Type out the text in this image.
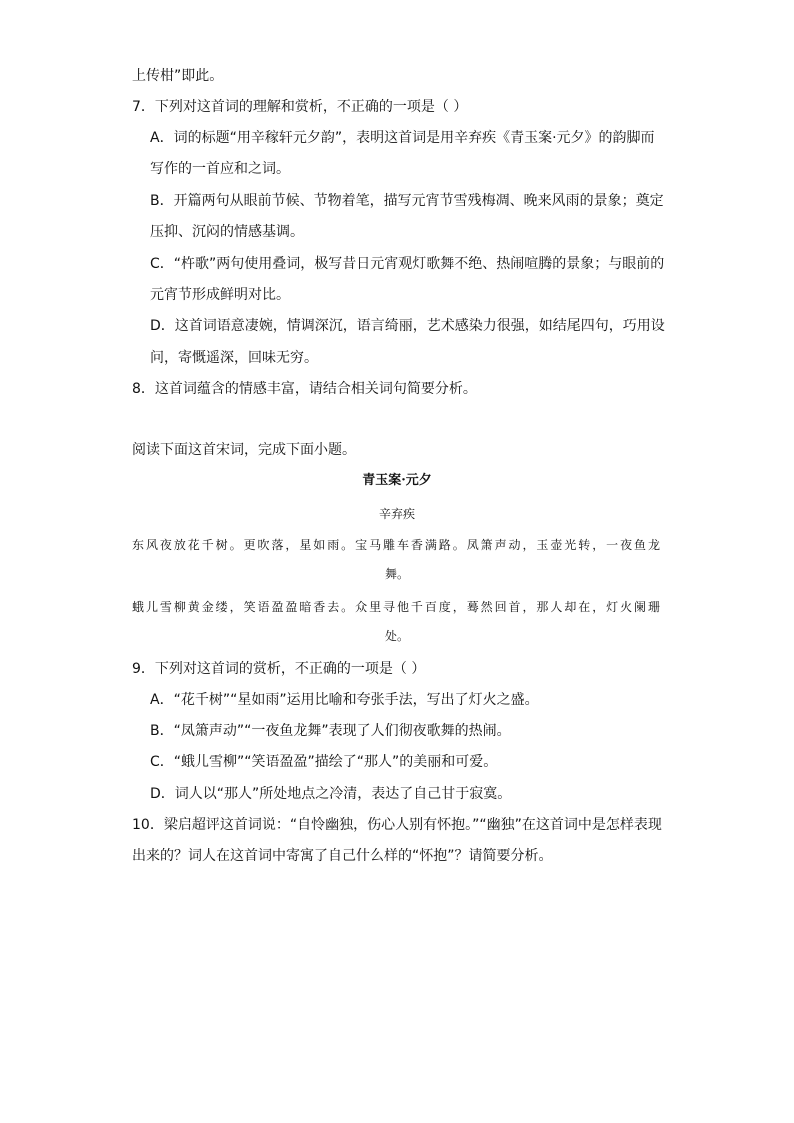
上传柑”即此。
7．下列对这首词的理解和赏析，不正确的一项是（ ）
A．词的标题“用辛稼轩元夕韵”，表明这首词是用辛弃疾《青玉案·元夕》的韵脚而
写作的一首应和之词。
B．开篇两句从眼前节候、节物着笔，描写元宵节雪残梅凋、晚来风雨的景象；奠定
压抑、沉闷的情感基调。
C．“杵歌”两句使用叠词，极写昔日元宵观灯歌舞不绝、热闹喧腾的景象；与眼前的
元宵节形成鲜明对比。
D．这首词语意凄婉，情调深沉，语言绮丽，艺术感染力很强，如结尾四句，巧用设
问，寄慨遥深，回味无穷。
8．这首词蕴含的情感丰富，请结合相关词句简要分析。
阅读下面这首宋词，完成下面小题。
青玉案·元夕
辛弃疾
东风夜放花千树。更吹落，星如雨。宝马雕车香满路。凤箫声动，玉壶光转，一夜鱼龙
舞。
蛾儿雪柳黄金缕，笑语盈盈暗香去。众里寻他千百度，蓦然回首，那人却在，灯火阑珊
处。
9．下列对这首词的赏析，不正确的一项是（ ）
A．“花千树”“星如雨”运用比喻和夸张手法，写出了灯火之盛。
B．“凤箫声动”“一夜鱼龙舞”表现了人们彻夜歌舞的热闹。
C．“蛾儿雪柳”“笑语盈盈”描绘了“那人”的美丽和可爱。
D．词人以“那人”所处地点之冷清，表达了自己甘于寂寞。
10．梁启超评这首词说：“自怜幽独，伤心人别有怀抱。”“幽独”在这首词中是怎样表现
出来的？词人在这首词中寄寓了自己什么样的“怀抱”？请简要分析。
